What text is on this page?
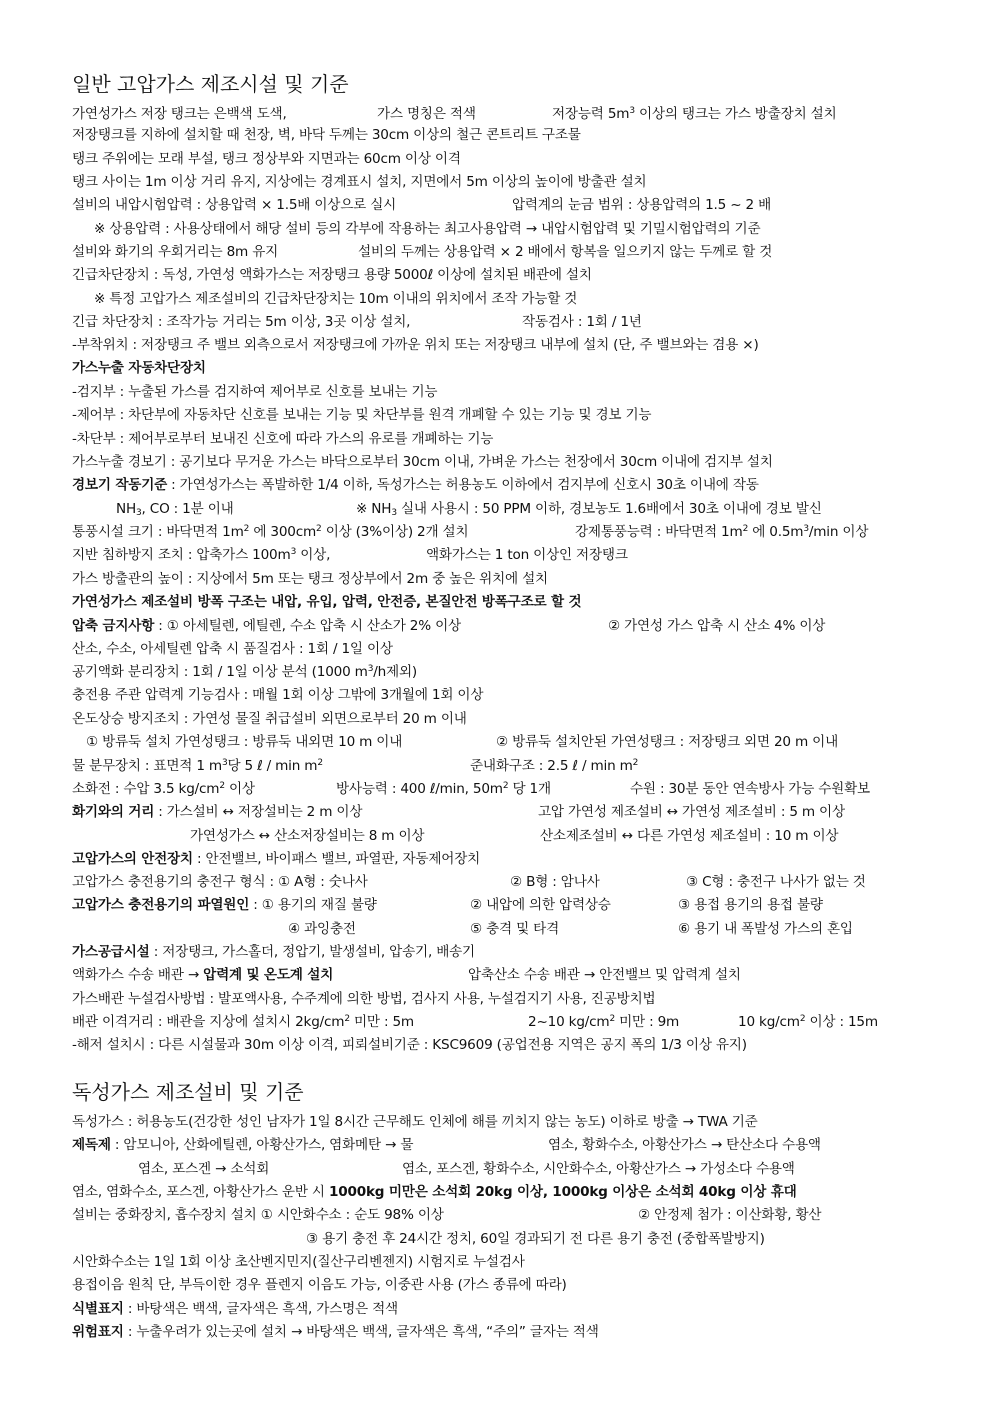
일반 고압가스 제조시설 및 기준
가연성가스 저장 탱크는 은백색 도색,	가스 명칭은 적색	저장능력 $5m^3$ 이상의 탱크는 가스 방출장치 설치
저장탱크를 지하에 설치할 때 천장, 벽, 바닥 두께는 30cm 이상의 철근 콘트리트 구조물
탱크 주위에는 모래 부설, 탱크 정상부와 지면과는 60cm 이상 이격
탱크 사이는 1m 이상 거리 유지, 지상에는 경계표시 설치, 지면에서 5m 이상의 높이에 방출관 설치
설비의 내압시험압력 : 상용압력 × 1.5배 이상으로 실시	압력계의 눈금 범위 : 상용압력의 1.5 ~ 2 배
※ 상용압력 : 사용상태에서 해당 설비 등의 각부에 작용하는 최고사용압력 → 내압시험압력 및 기밀시험압력의 기준
설비와 화기의 우회거리는 8m 유지	설비의 두께는 상용압력 × 2 배에서 항복을 일으키지 않는 두께로 할 것
긴급차단장치 : 독성, 가연성 액화가스는 저장탱크 용량 5000ℓ 이상에 설치된 배관에 설치
※ 특정 고압가스 제조설비의 긴급차단장치는 10m 이내의 위치에서 조작 가능할 것
긴급 차단장치 : 조작가능 거리는 5m 이상, 3곳 이상 설치,	작동검사 : 1회 / 1년
-부착위치 : 저장탱크 주 밸브 외측으로서 저장탱크에 가까운 위치 또는 저장탱크 내부에 설치 (단, 주 밸브와는 겸용 ×)
가스누출 자동차단장치
-검지부 : 누출된 가스를 검지하여 제어부로 신호를 보내는 기능
-제어부 : 차단부에 자동차단 신호를 보내는 기능 및 차단부를 원격 개폐할 수 있는 기능 및 경보 기능
-차단부 : 제어부로부터 보내진 신호에 따라 가스의 유로를 개폐하는 기능
가스누출 경보기 : 공기보다 무거운 가스는 바닥으로부터 30cm 이내, 가벼운 가스는 천장에서 30cm 이내에 검지부 설치
경보기 작동기준 : 가연성가스는 폭발하한 1/4 이하, 독성가스는 허용농도 이하에서 검지부에 신호시 30초 이내에 작동
$NH_3$, CO : 1분 이내	※ $NH_3$ 실내 사용시 : 50 PPM 이하, 경보농도 1.6배에서 30초 이내에 경보 발신
통풍시설 크기 : 바닥면적 $1m^2$ 에 $300cm^2$ 이상 (3%이상) 2개 설치	강제통풍능력 : 바닥면적 $1m^2$ 에 $0.5m^3/\min$ 이상
지반 침하방지 조치 : 압축가스 $100m^3$ 이상,	액화가스는 1 ton 이상인 저장탱크
가스 방출관의 높이 : 지상에서 5m 또는 탱크 정상부에서 2m 중 높은 위치에 설치
가연성가스 제조설비 방폭 구조는 내압, 유입, 압력, 안전증, 본질안전 방폭구조로 할 것
압축 금지사항 : ① 아세틸렌, 에틸렌, 수소 압축 시 산소가 2% 이상	② 가연성 가스 압축 시 산소 4% 이상
산소, 수소, 아세틸렌 압축 시 품질검사 : 1회 / 1일 이상
공기액화 분리장치 : 1회 / 1일 이상 분석 (1000 $m^3/h$제외)
충전용 주관 압력계 기능검사 : 매월 1회 이상 그밖에 3개월에 1회 이상
온도상승 방지조치 : 가연성 물질 취급설비 외면으로부터 20 m 이내
① 방류둑 설치 가연성탱크 : 방류둑 내외면 10 m 이내	② 방류둑 설치안된 가연성탱크 : 저장탱크 외면 20 m 이내
물 분무장치 : 표면적 1 $m^3$당 5 ℓ / $\min m^2$	준내화구조 : 2.5 ℓ / $\min m^2$
소화전 : 수압 3.5 $kg/cm^2$ 이상	방사능력 : 400 ℓ/min, $50m^2$ 당 1개	수원 : 30분 동안 연속방사 가능 수원확보
화기와의 거리 : 가스설비 ↔ 저장설비는 2 m 이상	고압 가연성 제조설비 ↔ 가연성 제조설비 : 5 m 이상
가연성가스 ↔ 산소저장설비는 8 m 이상	산소제조설비 ↔ 다른 가연성 제조설비 : 10 m 이상
고압가스의 안전장치 : 안전밸브, 바이패스 밸브, 파열판, 자동제어장치
고압가스 충전용기의 충전구 형식 : ① A형 : 숫나사	② B형 : 암나사	③ C형 : 충전구 나사가 없는 것
고압가스 충전용기의 파열원인 : ① 용기의 재질 불량	② 내압에 의한 압력상승	③ 용접 용기의 용접 불량
④ 과잉충전	⑤ 충격 및 타격	⑥ 용기 내 폭발성 가스의 혼입
가스공급시설 : 저장탱크, 가스홀더, 정압기, 발생설비, 압송기, 배송기
액화가스 수송 배관 → 압력계 및 온도계 설치	압축산소 수송 배관 → 안전밸브 및 압력계 설치
가스배관 누설검사방법 : 발포액사용, 수주계에 의한 방법, 검사지 사용, 누설검지기 사용, 진공방치법
배관 이격거리 : 배관을 지상에 설치시 $2kg/cm^2$ 미만 : 5m	2~10 $kg/cm^2$ 미만 : 9m	10 $kg/cm^2$ 이상 : 15m
-해저 설치시 : 다른 시설물과 30m 이상 이격, 피뢰설비기준 : KSC9609 (공업전용 지역은 공지 폭의 1/3 이상 유지)
독성가스 제조설비 및 기준
독성가스 : 허용농도(건강한 성인 남자가 1일 8시간 근무해도 인체에 해를 끼치지 않는 농도) 이하로 방출 → TWA 기준
제독제 : 암모니아, 산화에틸렌, 아황산가스, 염화메탄 → 물	염소, 황화수소, 아황산가스 → 탄산소다 수용액
염소, 포스겐 → 소석회	염소, 포스겐, 황화수소, 시안화수소, 아황산가스 → 가성소다 수용액
염소, 염화수소, 포스겐, 아황산가스 운반 시 1000kg 미만은 소석회 20kg 이상, 1000kg 이상은 소석회 40kg 이상 휴대
설비는 중화장치, 흡수장치 설치 ① 시안화수소 : 순도 98% 이상	② 안정제 첨가 : 이산화황, 황산
③ 용기 충전 후 24시간 정치, 60일 경과되기 전 다른 용기 충전 (중합폭발방지)
시안화수소는 1일 1회 이상 초산벤지민지(질산구리벤젠지) 시험지로 누설검사
용접이음 원칙 단, 부득이한 경우 플렌지 이음도 가능, 이중관 사용 (가스 종류에 따라)
식별표지 : 바탕색은 백색, 글자색은 흑색, 가스명은 적색
위험표지 : 누출우려가 있는곳에 설치 → 바탕색은 백색, 글자색은 흑색, “주의” 글자는 적색
